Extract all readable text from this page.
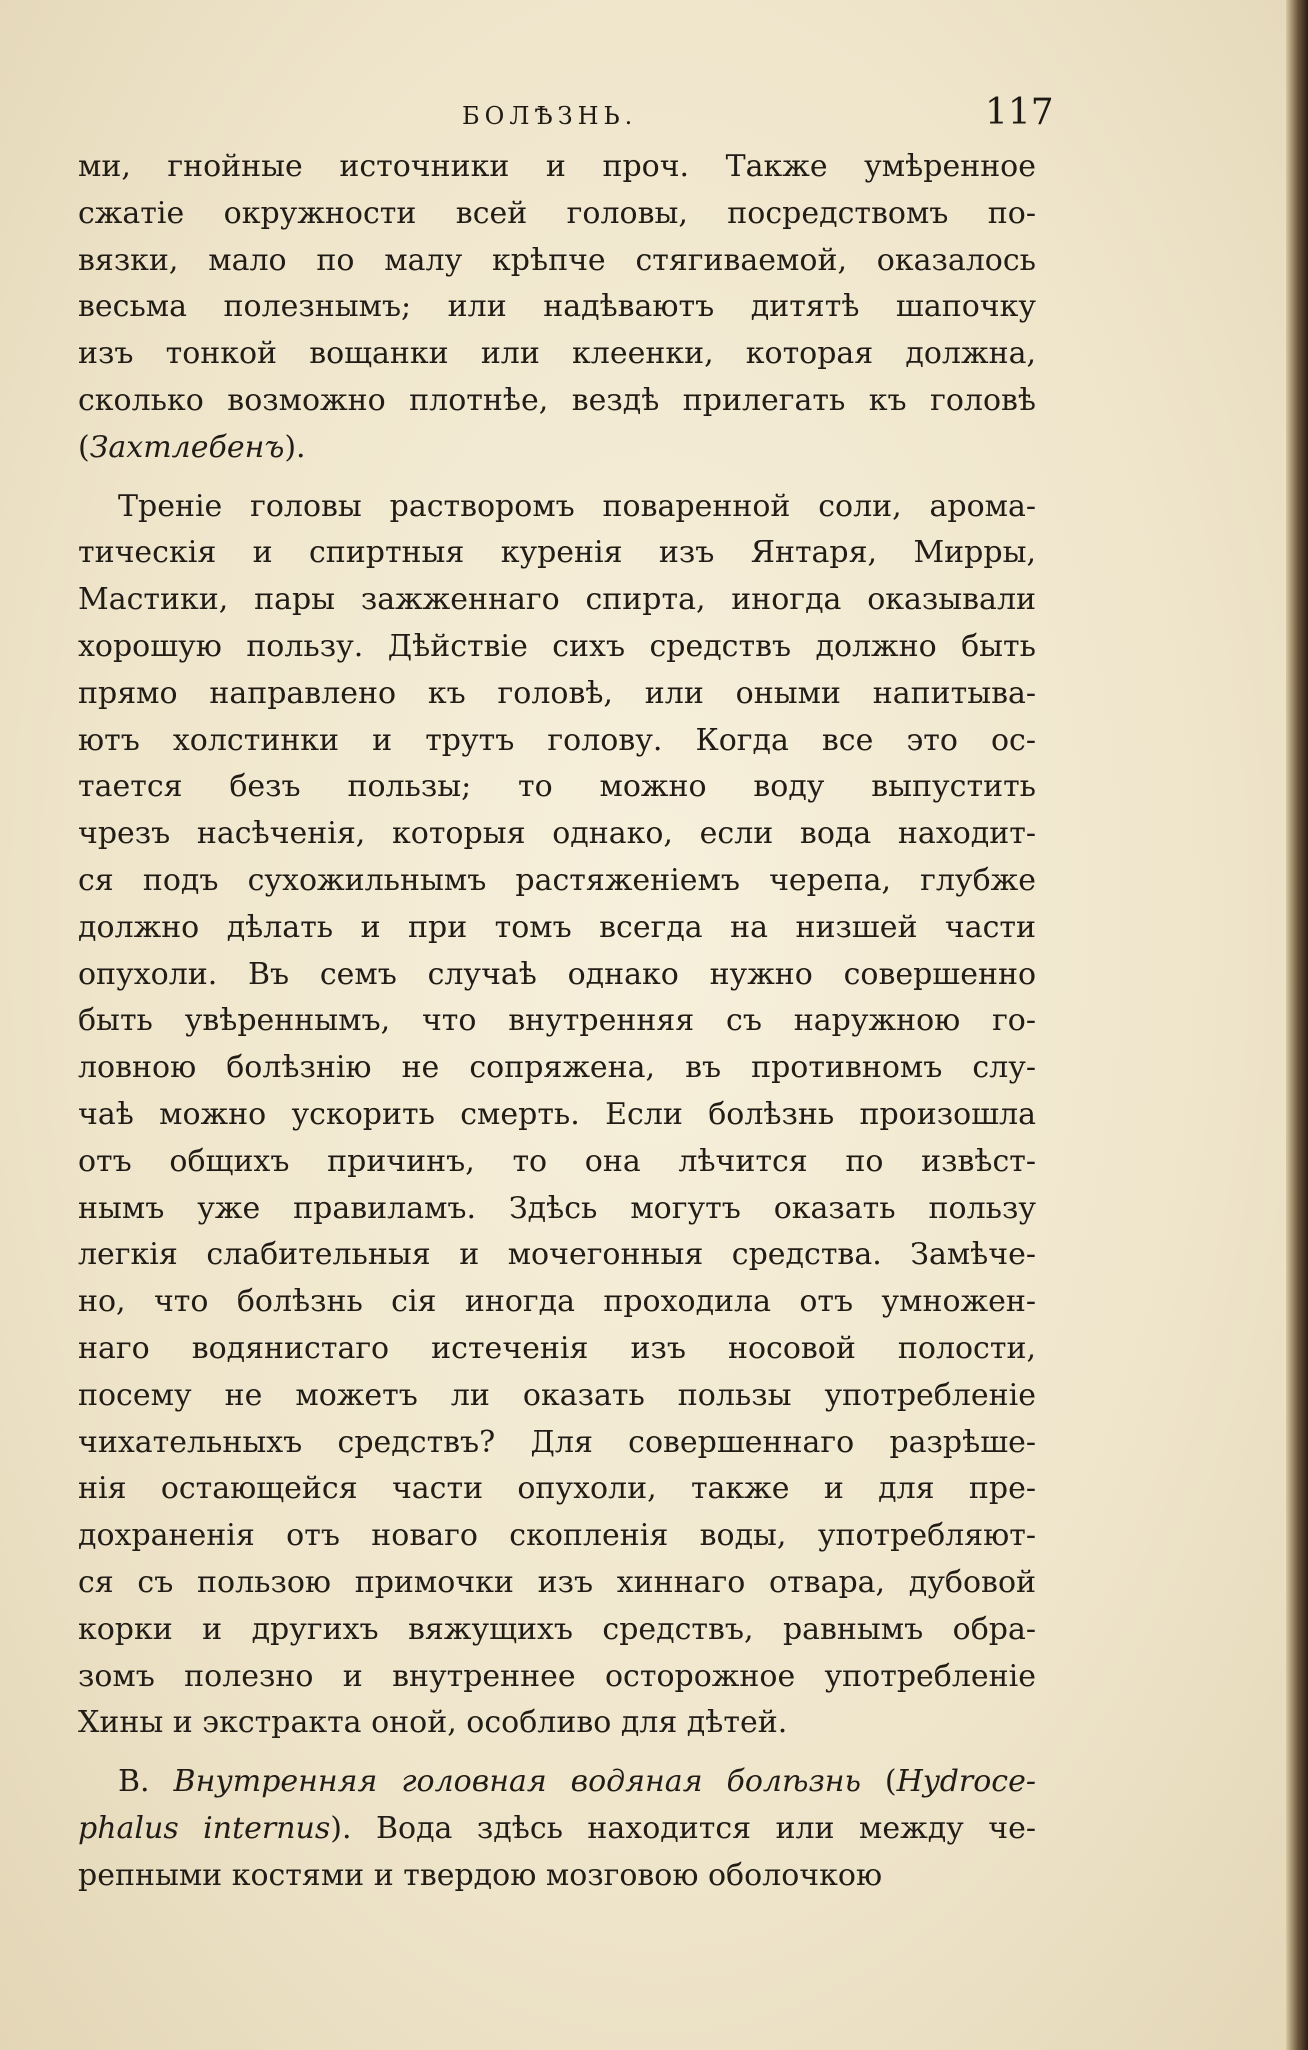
БОЛѢЗНЬ.	117
ми, гнойные источники и проч. Также умѣренное
сжатіе окружности всей головы, посредствомъ по-
вязки, мало по малу крѣпче стягиваемой, оказалось
весьма полезнымъ; или надѣваютъ дитятѣ шапочку
изъ тонкой вощанки или клеенки, которая должна,
сколько возможно плотнѣе, вездѣ прилегать къ головѣ
(Захтлебенъ).
Треніе головы растворомъ поваренной соли, арома-
тическія и спиртныя куренія изъ Янтаря, Мирры,
Мастики, пары зажженнаго спирта, иногда оказывали
хорошую пользу. Дѣйствіе сихъ средствъ должно быть
прямо направлено къ головѣ, или оными напитыва-
ютъ холстинки и трутъ голову. Когда все это ос-
тается безъ пользы; то можно воду выпустить
чрезъ насѣченія, которыя однако, если вода находит-
ся подъ сухожильнымъ растяженіемъ черепа, глубже
должно дѣлать и при томъ всегда на низшей части
опухоли. Въ семъ случаѣ однако нужно совершенно
быть увѣреннымъ, что внутренняя съ наружною го-
ловною болѣзнію не сопряжена, въ противномъ слу-
чаѣ можно ускорить смерть. Если болѣзнь произошла
отъ общихъ причинъ, то она лѣчится по извѣст-
нымъ уже правиламъ. Здѣсь могутъ оказать пользу
легкія слабительныя и мочегонныя средства. Замѣче-
но, что болѣзнь сія иногда проходила отъ умножен-
наго водянистаго истеченія изъ носовой полости,
посему не можетъ ли оказать пользы употребленіе
чихательныхъ средствъ? Для совершеннаго разрѣше-
нія остающейся части опухоли, также и для пре-
дохраненія отъ новаго скопленія воды, употребляют-
ся съ пользою примочки изъ хиннаго отвара, дубовой
корки и другихъ вяжущихъ средствъ, равнымъ обра-
зомъ полезно и внутреннее осторожное употребленіе
Хины и экстракта оной, особливо для дѣтей.
В. Внутренняя головная водяная болѣзнь (Hydroce-
phalus internus). Вода здѣсь находится или между че-
репными костями и твердою мозговою оболочкою
